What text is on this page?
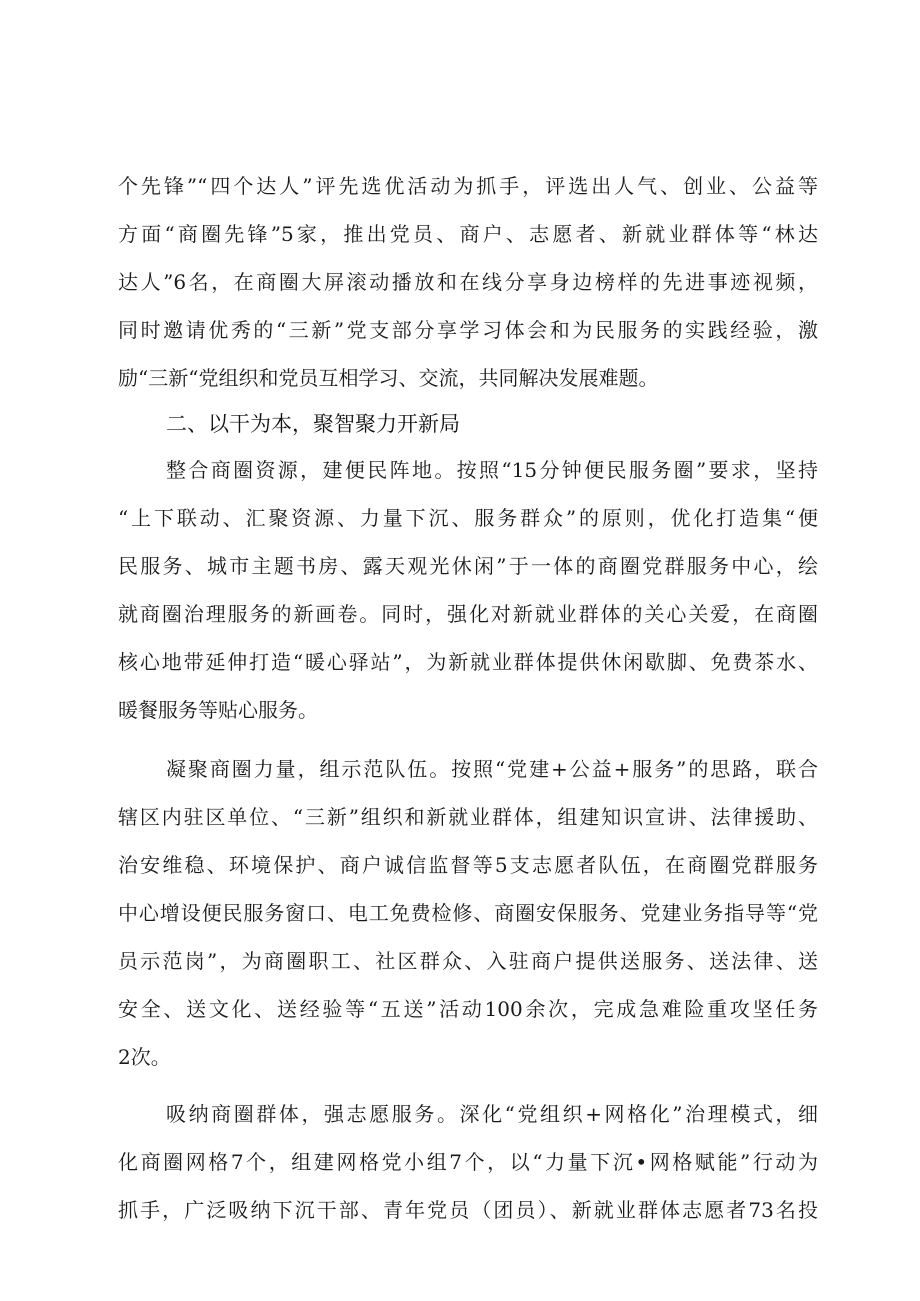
个先锋”“四个达人”评先选优活动为抓手，评选出人气、创业、公益等
方面“商圈先锋”5家，推出党员、商户、志愿者、新就业群体等“林达
达人”6名，在商圈大屏滚动播放和在线分享身边榜样的先进事迹视频，
同时邀请优秀的“三新”党支部分享学习体会和为民服务的实践经验，激
励“三新“党组织和党员互相学习、交流，共同解决发展难题。
二、以干为本，聚智聚力开新局
整合商圈资源，建便民阵地。按照“15分钟便民服务圈”要求，坚持
“上下联动、汇聚资源、力量下沉、服务群众”的原则，优化打造集“便
民服务、城市主题书房、露天观光休闲”于一体的商圈党群服务中心，绘
就商圈治理服务的新画卷。同时，强化对新就业群体的关心关爱，在商圈
核心地带延伸打造“暖心驿站”，为新就业群体提供休闲歇脚、免费茶水、
暖餐服务等贴心服务。
凝聚商圈力量，组示范队伍。按照“党建+公益+服务”的思路，联合
辖区内驻区单位、“三新”组织和新就业群体，组建知识宣讲、法律援助、
治安维稳、环境保护、商户诚信监督等5支志愿者队伍，在商圈党群服务
中心增设便民服务窗口、电工免费检修、商圈安保服务、党建业务指导等“党
员示范岗”，为商圈职工、社区群众、入驻商户提供送服务、送法律、送
安全、送文化、送经验等“五送”活动100余次，完成急难险重攻坚任务
2次。
吸纳商圈群体，强志愿服务。深化“党组织+网格化”治理模式，细
化商圈网格7个，组建网格党小组7个，以“力量下沉•网格赋能”行动为
抓手，广泛吸纳下沉干部、青年党员（团员）、新就业群体志愿者73名投
